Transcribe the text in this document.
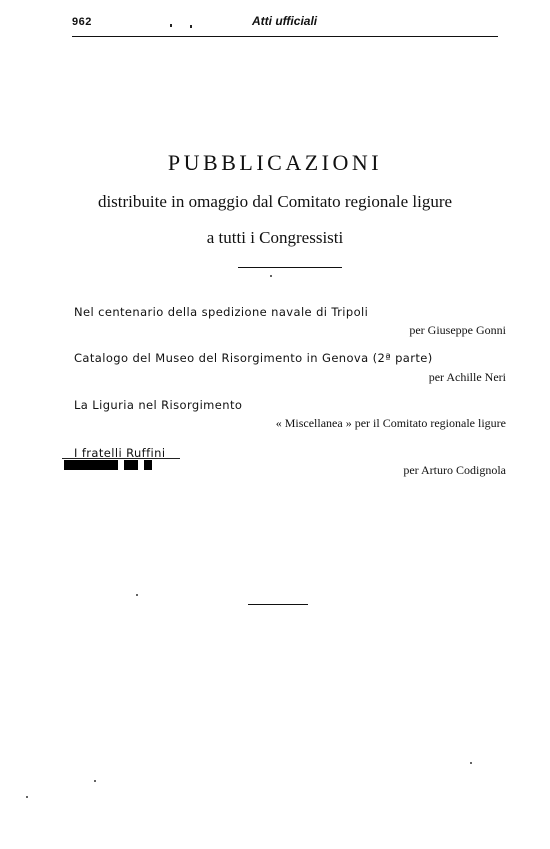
962	Atti ufficiali
PUBBLICAZIONI
distribuite in omaggio dal Comitato regionale ligure
a tutti i Congressisti
Nel centenario della spedizione navale di Tripoli
per Giuseppe Gonni
Catalogo del Museo del Risorgimento in Genova (2ª parte)
per Achille Neri
La Liguria nel Risorgimento
« Miscellanea » per il Comitato regionale ligure
I fratelli Ruffini
per Arturo Codignola
